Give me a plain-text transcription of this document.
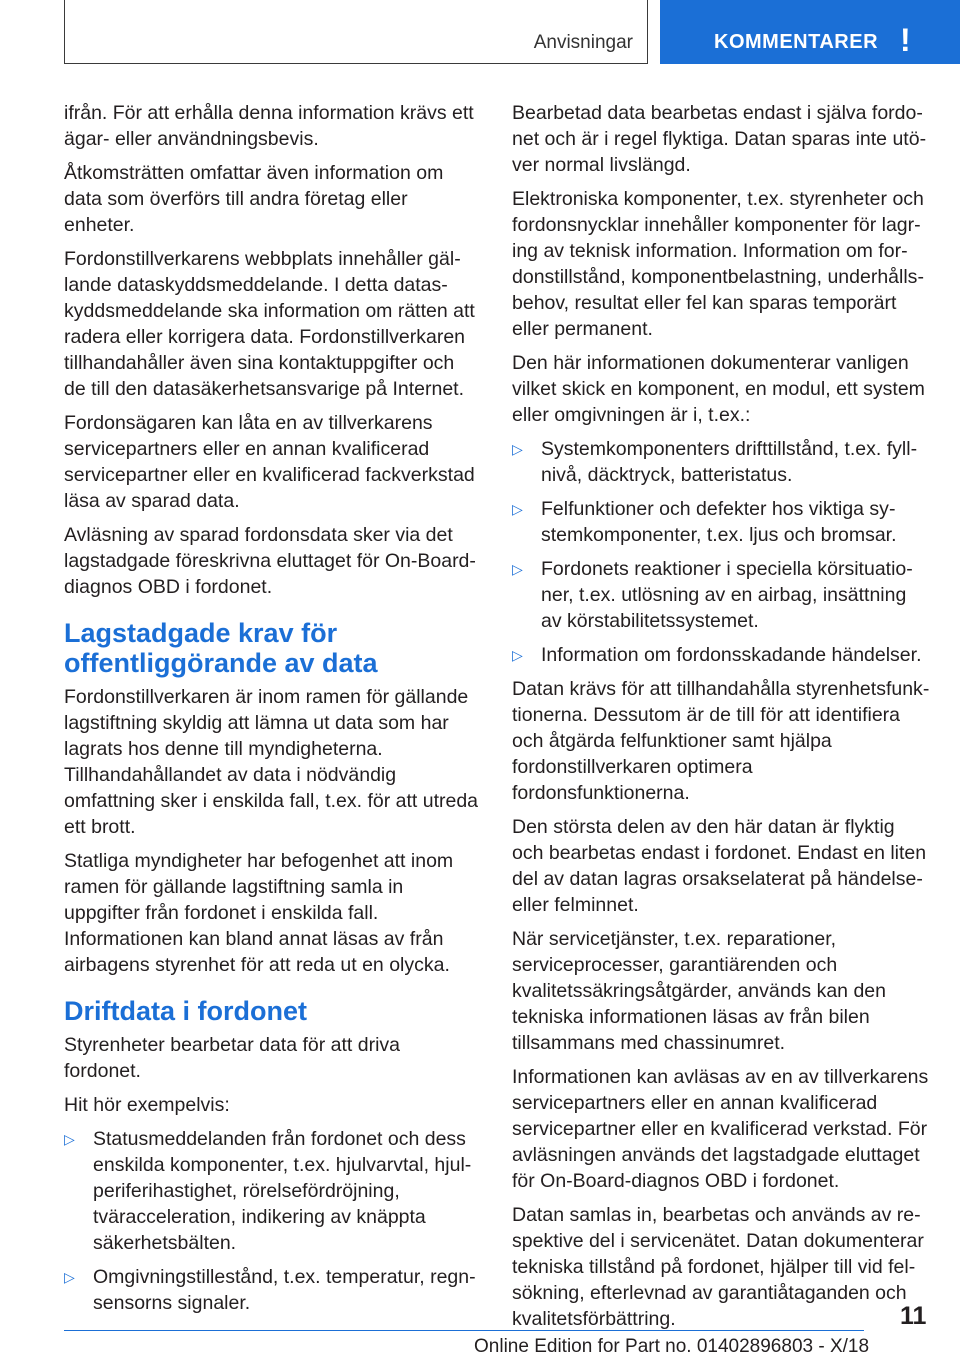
Anvisningar	KOMMENTARER !

ifrån. För att erhålla denna information krävs ett ägar- eller användningsbevis.

Åtkomsträtten omfattar även information om data som överförs till andra företag eller enheter.

Fordonstillverkarens webbplats innehåller gällande dataskyddsmeddelande. I detta dataskyddsmeddelande ska information om rätten att radera eller korrigera data. Fordonstillverkaren tillhandahåller även sina kontaktuppgifter och de till den datasäkerhetsansvarige på Internet.

Fordonsägaren kan låta en av tillverkarens servicepartners eller en annan kvalificerad servicepartner eller en kvalificerad fackverkstad läsa av sparad data.

Avläsning av sparad fordonsdata sker via det lagstadgade föreskrivna eluttaget för On-Board-diagnos OBD i fordonet.

Lagstadgade krav för offentliggörande av data

Fordonstillverkaren är inom ramen för gällande lagstiftning skyldig att lämna ut data som har lagrats hos denne till myndigheterna. Tillhandahållandet av data i nödvändig omfattning sker i enskilda fall, t.ex. för att utreda ett brott.

Statliga myndigheter har befogenhet att inom ramen för gällande lagstiftning samla in uppgifter från fordonet i enskilda fall. Informationen kan bland annat läsas av från airbagens styrenhet för att reda ut en olycka.

Driftdata i fordonet

Styrenheter bearbetar data för att driva fordonet.

Hit hör exempelvis:

▷ Statusmeddelanden från fordonet och dess enskilda komponenter, t.ex. hjulvarvtal, hjulperiferihastighet, rörelsefördröjning, tväracceleration, indikering av knäppta säkerhetsbälten.
▷ Omgivningstillestånd, t.ex. temperatur, regnsensorns signaler.

Bearbetad data bearbetas endast i själva fordonet och är i regel flyktiga. Datan sparas inte utöver normal livslängd.

Elektroniska komponenter, t.ex. styrenheter och fordonsnycklar innehåller komponenter för lagring av teknisk information. Information om fordonstillstånd, komponentbelastning, underhållsbehov, resultat eller fel kan sparas temporärt eller permanent.

Den här informationen dokumenterar vanligen vilket skick en komponent, en modul, ett system eller omgivningen är i, t.ex.:

▷ Systemkomponenters drifttillstånd, t.ex. fyllnivå, däcktryck, batteristatus.
▷ Felfunktioner och defekter hos viktiga systemkomponenter, t.ex. ljus och bromsar.
▷ Fordonets reaktioner i speciella körsituationer, t.ex. utlösning av en airbag, insättning av körstabilitetssystemet.
▷ Information om fordonsskadande händelser.

Datan krävs för att tillhandahålla styrenhetsfunktionerna. Dessutom är de till för att identifiera och åtgärda felfunktioner samt hjälpa fordonstillverkaren optimera fordonsfunktionerna.

Den största delen av den här datan är flyktig och bearbetas endast i fordonet. Endast en liten del av datan lagras orsakselaterat på händelse- eller felminnet.

När servicetjänster, t.ex. reparationer, serviceprocesser, garantiärenden och kvalitetssäkringsåtgärder, används kan den tekniska informationen läsas av från bilen tillsammans med chassinumret.

Informationen kan avläsas av en av tillverkarens servicepartners eller en annan kvalificerad servicepartner eller en kvalificerad verkstad. För avläsningen används det lagstadgade eluttaget för On-Board-diagnos OBD i fordonet.

Datan samlas in, bearbetas och används av respektive del i servicenätet. Datan dokumenterar tekniska tillstånd på fordonet, hjälper till vid felsökning, efterlevnad av garantiåtaganden och kvalitetsförbättring.	11
Online Edition for Part no. 01402896803 - X/18
